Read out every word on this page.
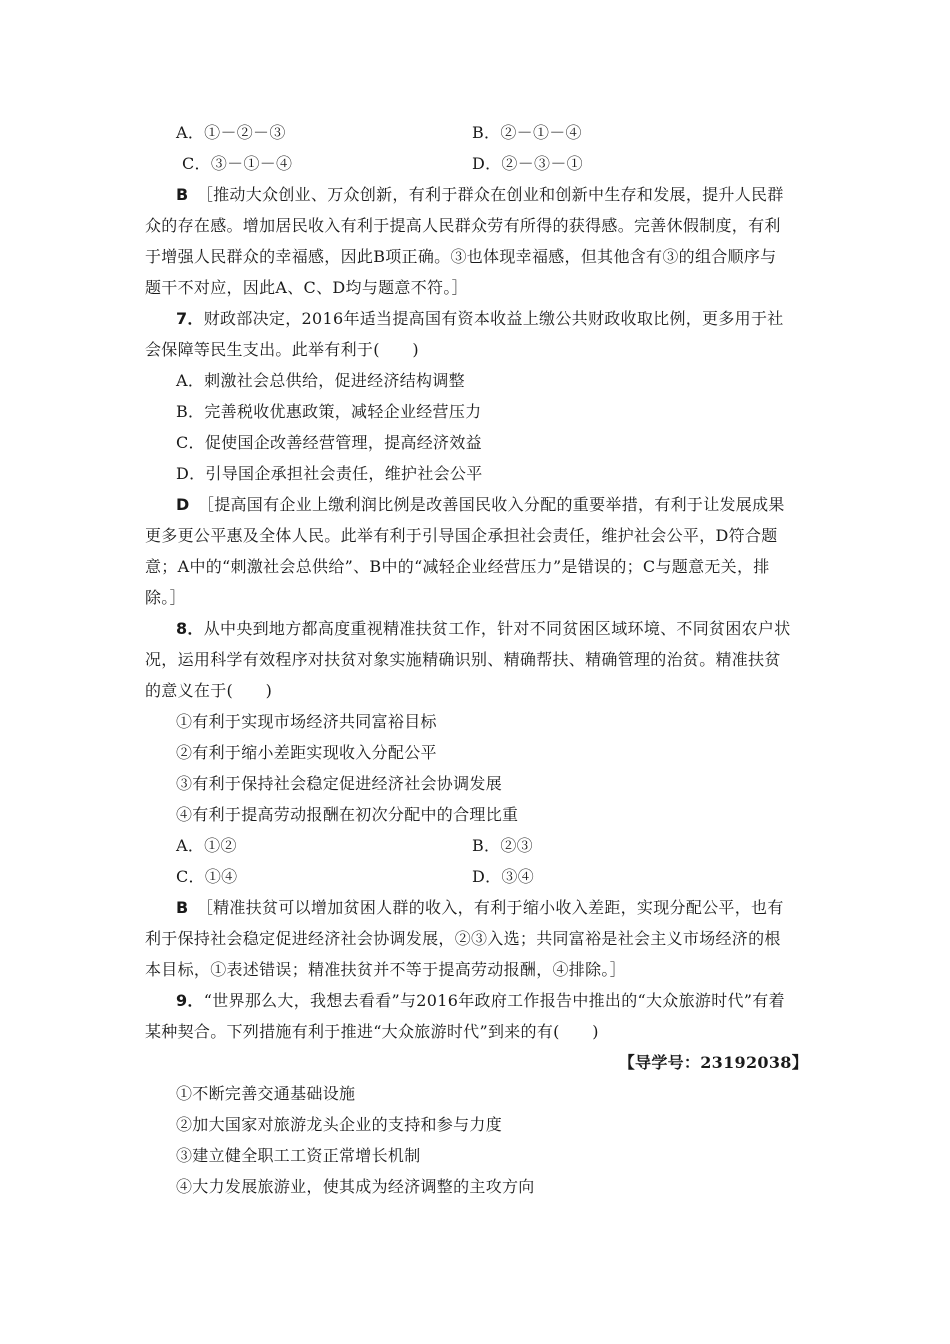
A．①－②－③	B．②－①－④
C．③－①－④	D．②－③－①
B  ［推动大众创业、万众创新，有利于群众在创业和创新中生存和发展，提升人民群
众的存在感。增加居民收入有利于提高人民群众劳有所得的获得感。完善休假制度，有利
于增强人民群众的幸福感，因此B项正确。③也体现幸福感，但其他含有③的组合顺序与
题干不对应，因此A、C、D均与题意不符。］
7．财政部决定，2016年适当提高国有资本收益上缴公共财政收取比例，更多用于社
会保障等民生支出。此举有利于(　　)
A．刺激社会总供给，促进经济结构调整
B．完善税收优惠政策，减轻企业经营压力
C．促使国企改善经营管理，提高经济效益
D．引导国企承担社会责任，维护社会公平
D  ［提高国有企业上缴利润比例是改善国民收入分配的重要举措，有利于让发展成果
更多更公平惠及全体人民。此举有利于引导国企承担社会责任，维护社会公平，D符合题
意；A中的“刺激社会总供给”、B中的“减轻企业经营压力”是错误的；C与题意无关，排
除。］
8．从中央到地方都高度重视精准扶贫工作，针对不同贫困区域环境、不同贫困农户状
况，运用科学有效程序对扶贫对象实施精确识别、精确帮扶、精确管理的治贫。精准扶贫
的意义在于(　　)
①有利于实现市场经济共同富裕目标
②有利于缩小差距实现收入分配公平
③有利于保持社会稳定促进经济社会协调发展
④有利于提高劳动报酬在初次分配中的合理比重
A．①②	B．②③
C．①④	D．③④
B  ［精准扶贫可以增加贫困人群的收入，有利于缩小收入差距，实现分配公平，也有
利于保持社会稳定促进经济社会协调发展，②③入选；共同富裕是社会主义市场经济的根
本目标，①表述错误；精准扶贫并不等于提高劳动报酬，④排除。］
9．“世界那么大，我想去看看”与2016年政府工作报告中推出的“大众旅游时代”有着
某种契合。下列措施有利于推进“大众旅游时代”到来的有(　　)
【导学号：23192038】
①不断完善交通基础设施
②加大国家对旅游龙头企业的支持和参与力度
③建立健全职工工资正常增长机制
④大力发展旅游业，使其成为经济调整的主攻方向
